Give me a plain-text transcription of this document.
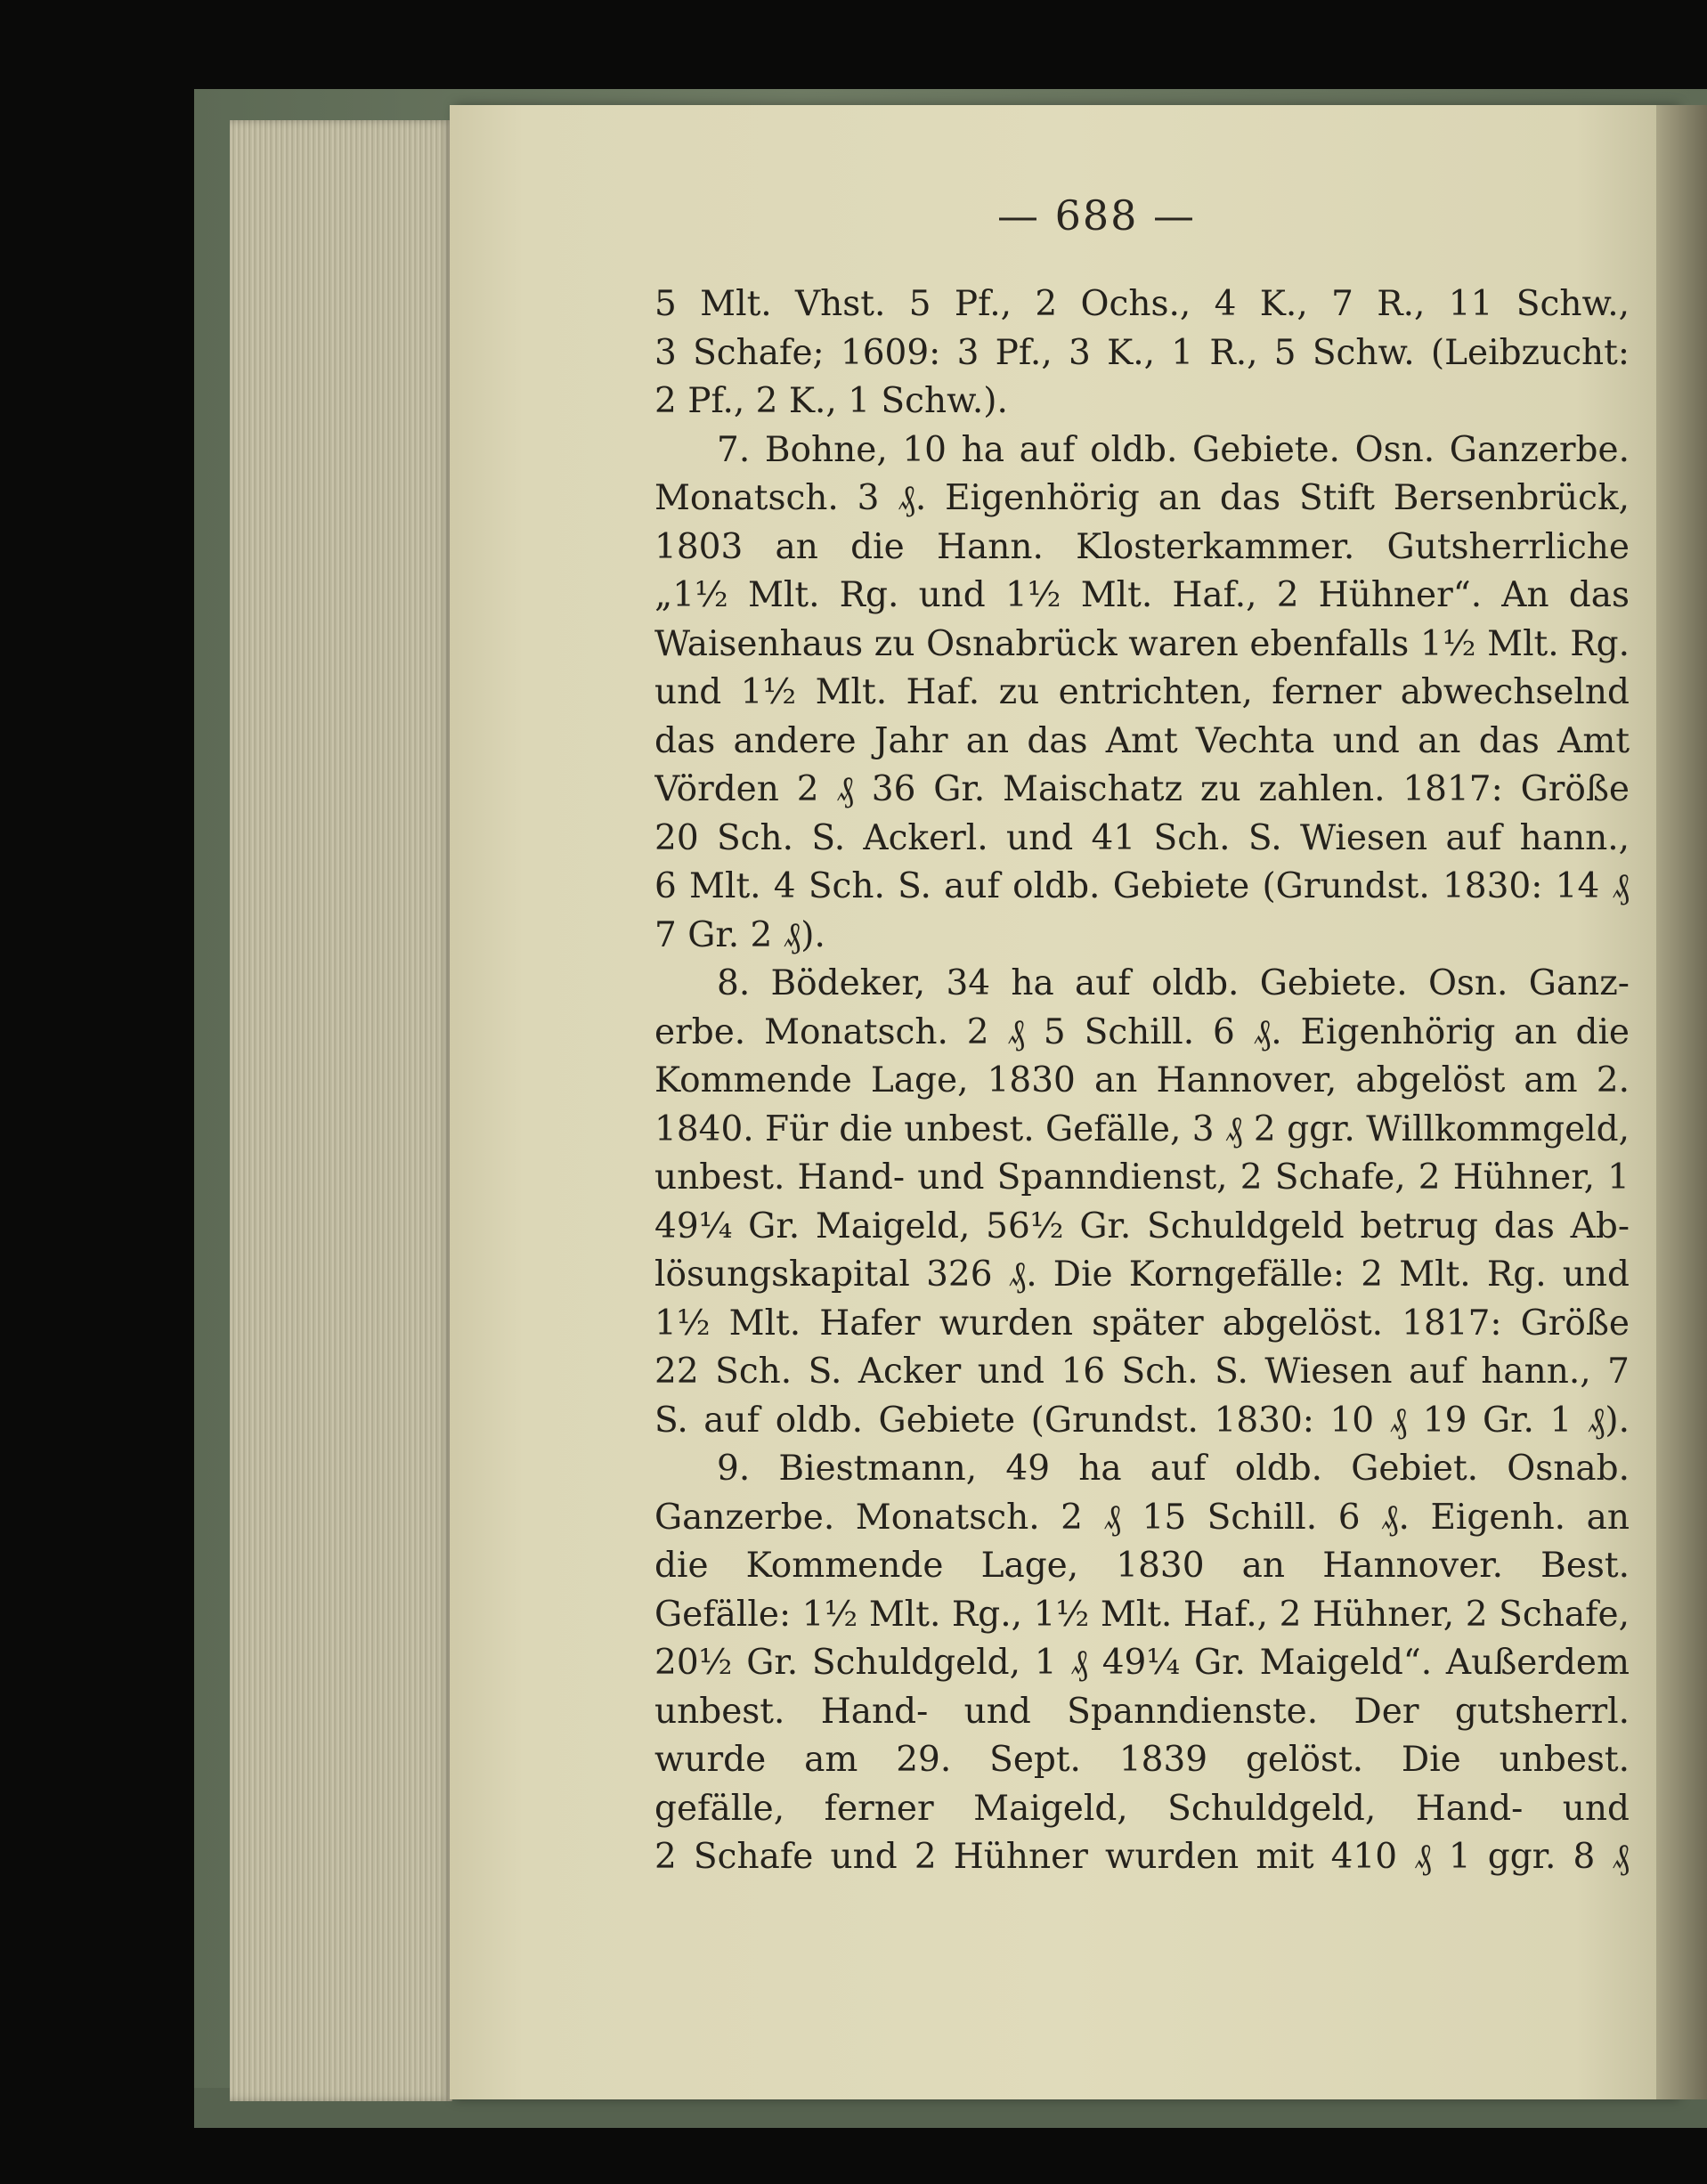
— 688 —
5 Mlt. Vhst. 5 Pf., 2 Ochs., 4 K., 7 R., 11 Schw.,
3 Schafe; 1609: 3 Pf., 3 K., 1 R., 5 Schw. (Leibzucht:
2 Pf., 2 K., 1 Schw.).
7. Bohne, 10 ha auf oldb. Gebiete. Osn. Ganzerbe.
Monatsch. 3 ₰. Eigenhörig an das Stift Bersenbrück,
1803 an die Hann. Klosterkammer. Gutsherrliche
„1½ Mlt. Rg. und 1½ Mlt. Haf., 2 Hühner“. An das
Waisenhaus zu Osnabrück waren ebenfalls 1½ Mlt. Rg.
und 1½ Mlt. Haf. zu entrichten, ferner abwechselnd
das andere Jahr an das Amt Vechta und an das Amt
Vörden 2 ₰ 36 Gr. Maischatz zu zahlen. 1817: Größe
20 Sch. S. Ackerl. und 41 Sch. S. Wiesen auf hann.,
6 Mlt. 4 Sch. S. auf oldb. Gebiete (Grundst. 1830: 14 ₰
7 Gr. 2 ₰).
8. Bödeker, 34 ha auf oldb. Gebiete. Osn. Ganz-
erbe. Monatsch. 2 ₰ 5 Schill. 6 ₰. Eigenhörig an die
Kommende Lage, 1830 an Hannover, abgelöst am 2.
1840. Für die unbest. Gefälle, 3 ₰ 2 ggr. Willkommgeld,
unbest. Hand- und Spanndienst, 2 Schafe, 2 Hühner, 1
49¼ Gr. Maigeld, 56½ Gr. Schuldgeld betrug das Ab-
lösungskapital 326 ₰. Die Korngefälle: 2 Mlt. Rg. und
1½ Mlt. Hafer wurden später abgelöst. 1817: Größe
22 Sch. S. Acker und 16 Sch. S. Wiesen auf hann., 7
S. auf oldb. Gebiete (Grundst. 1830: 10 ₰ 19 Gr. 1 ₰).
9. Biestmann, 49 ha auf oldb. Gebiet. Osnab.
Ganzerbe. Monatsch. 2 ₰ 15 Schill. 6 ₰. Eigenh. an
die Kommende Lage, 1830 an Hannover. Best.
Gefälle: 1½ Mlt. Rg., 1½ Mlt. Haf., 2 Hühner, 2 Schafe,
20½ Gr. Schuldgeld, 1 ₰ 49¼ Gr. Maigeld“. Außerdem
unbest. Hand- und Spanndienste. Der gutsherrl.
wurde am 29. Sept. 1839 gelöst. Die unbest.
gefälle, ferner Maigeld, Schuldgeld, Hand- und
2 Schafe und 2 Hühner wurden mit 410 ₰ 1 ggr. 8 ₰
